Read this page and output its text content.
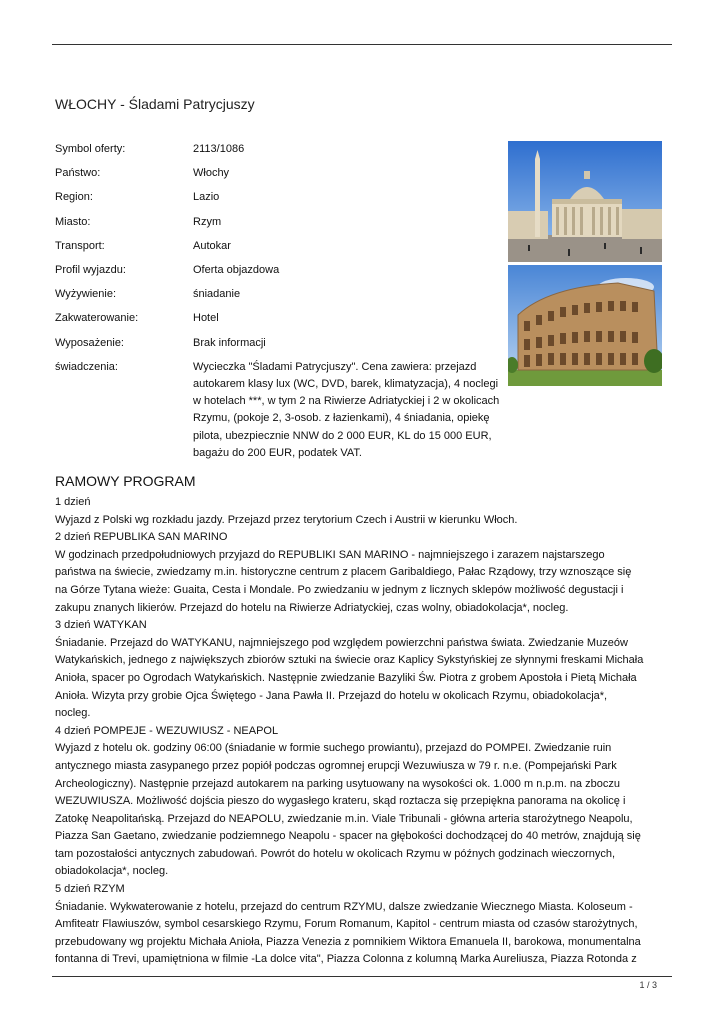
WŁOCHY - Śladami Patrycjuszy
Symbol oferty:	2113/1086
Państwo:	Włochy
Region:	Lazio
Miasto:	Rzym
Transport:	Autokar
Profil wyjazdu:	Oferta objazdowa
Wyżywienie:	śniadanie
Zakwaterowanie:	Hotel
Wyposażenie:	Brak informacji
świadczenia:	Wycieczka "Śladami Patrycjuszy". Cena zawiera: przejazd autokarem klasy lux (WC, DVD, barek, klimatyzacja), 4 noclegi w hotelach ***, w tym 2 na Riwierze Adriatyckiej i 2 w okolicach Rzymu, (pokoje 2, 3-osob. z łazienkami), 4 śniadania, opiekę pilota, ubezpiecznie NNW do 2 000 EUR, KL do 15 000 EUR, bagażu do 200 EUR, podatek VAT.
RAMOWY PROGRAM

1 dzień

Wyjazd z Polski wg rozkładu jazdy. Przejazd przez terytorium Czech i Austrii w kierunku Włoch.

2 dzień REPUBLIKA SAN MARINO

W godzinach przedpołudniowych przyjazd do REPUBLIKI SAN MARINO - najmniejszego i zarazem najstarszego państwa na świecie, zwiedzamy m.in. historyczne centrum z placem Garibaldiego, Pałac Rządowy, trzy wznoszące się na Górze Tytana wieże: Guaita, Cesta i Mondale. Po zwiedzaniu w jednym z licznych sklepów możliwość degustacji i zakupu znanych likierów. Przejazd do hotelu na Riwierze Adriatyckiej, czas wolny, obiadokolacja*, nocleg.

3 dzień WATYKAN

Śniadanie. Przejazd do WATYKANU, najmniejszego pod względem powierzchni państwa świata. Zwiedzanie Muzeów Watykańskich, jednego z największych zbiorów sztuki na świecie oraz Kaplicy Sykstyńskiej ze słynnymi freskami Michała Anioła, spacer po Ogrodach Watykańskich. Następnie zwiedzanie Bazyliki Św. Piotra z grobem Apostoła i Pietą Michała Anioła. Wizyta przy grobie Ojca Świętego - Jana Pawła II. Przejazd do hotelu w okolicach Rzymu, obiadokolacja*, nocleg.

4 dzień POMPEJE - WEZUWIUSZ - NEAPOL

Wyjazd z hotelu ok. godziny 06:00 (śniadanie w formie suchego prowiantu), przejazd do POMPEI. Zwiedzanie ruin antycznego miasta zasypanego przez popiół podczas ogromnej erupcji Wezuwiusza w 79 r. n.e. (Pompejański Park Archeologiczny). Następnie przejazd autokarem na parking usytuowany na wysokości ok. 1.000 m n.p.m. na zboczu WEZUWIUSZA. Możliwość dojścia pieszo do wygasłego krateru, skąd roztacza się przepiękna panorama na okolicę i Zatokę Neapolitańską. Przejazd do NEAPOLU, zwiedzanie m.in. Viale Tribunali - główna arteria starożytnego Neapolu, Piazza San Gaetano, zwiedzanie podziemnego Neapolu - spacer na głębokości dochodzącej do 40 metrów, znajdują się tam pozostałości antycznych zabudowań. Powrót do hotelu w okolicach Rzymu w późnych godzinach wieczornych, obiadokolacja*, nocleg.

5 dzień RZYM

Śniadanie. Wykwaterowanie z hotelu, przejazd do centrum RZYMU, dalsze zwiedzanie Wiecznego Miasta. Koloseum - Amfiteatr Flawiuszów, symbol cesarskiego Rzymu, Forum Romanum, Kapitol - centrum miasta od czasów starożytnych, przebudowany wg projektu Michała Anioła, Piazza Venezia z pomnikiem Wiktora Emanuela II, barokowa, monumentalna fontanna di Trevi, upamiętniona w filmie -La dolce vita", Piazza Colonna z kolumną Marka Aureliusza, Piazza Rotonda z

1 / 3
